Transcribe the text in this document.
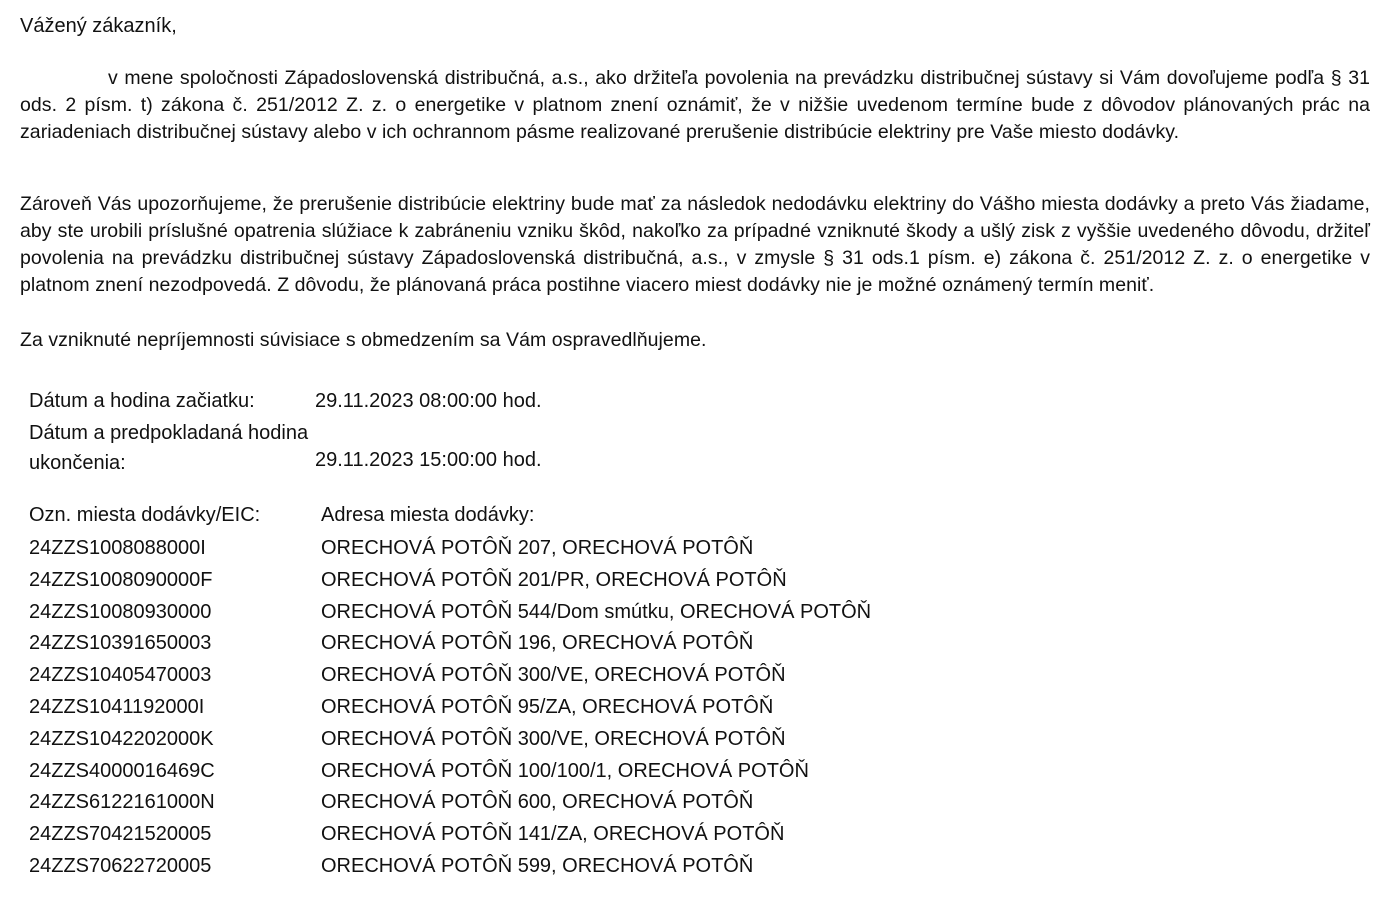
Vážený zákazník,

v mene spoločnosti Západoslovenská distribučná, a.s., ako držiteľa povolenia na prevádzku distribučnej sústavy si Vám dovoľujeme podľa § 31 ods. 2 písm. t) zákona č. 251/2012 Z. z. o energetike v platnom znení oznámiť, že v nižšie uvedenom termíne bude z dôvodov plánovaných prác na zariadeniach distribučnej sústavy alebo v ich ochrannom pásme realizované prerušenie distribúcie elektriny pre Vaše miesto dodávky.

Zároveň Vás upozorňujeme, že prerušenie distribúcie elektriny bude mať za následok nedodávku elektriny do Vášho miesta dodávky a preto Vás žiadame, aby ste urobili príslušné opatrenia slúžiace k zabráneniu vzniku škôd, nakoľko za prípadné vzniknuté škody a ušlý zisk z vyššie uvedeného dôvodu, držiteľ povolenia na prevádzku distribučnej sústavy Západoslovenská distribučná, a.s., v zmysle § 31 ods.1 písm. e) zákona č. 251/2012 Z. z. o energetike v platnom znení nezodpovedá. Z dôvodu, že plánovaná práca postihne viacero miest dodávky nie je možné oznámený termín meniť.

Za vzniknuté nepríjemnosti súvisiace s obmedzením sa Vám ospravedlňujeme.

Dátum a hodina začiatku:	29.11.2023 08:00:00 hod.

Dátum a predpokladaná hodina ukončenia:	29.11.2023 15:00:00 hod.

Ozn. miesta dodávky/EIC:	Adresa miesta dodávky:
24ZZS1008088000I	ORECHOVÁ POTÔŇ 207, ORECHOVÁ POTÔŇ
24ZZS1008090000F	ORECHOVÁ POTÔŇ 201/PR, ORECHOVÁ POTÔŇ
24ZZS10080930000	ORECHOVÁ POTÔŇ 544/Dom smútku, ORECHOVÁ POTÔŇ
24ZZS10391650003	ORECHOVÁ POTÔŇ 196, ORECHOVÁ POTÔŇ
24ZZS10405470003	ORECHOVÁ POTÔŇ 300/VE, ORECHOVÁ POTÔŇ
24ZZS1041192000I	ORECHOVÁ POTÔŇ 95/ZA, ORECHOVÁ POTÔŇ
24ZZS1042202000K	ORECHOVÁ POTÔŇ 300/VE, ORECHOVÁ POTÔŇ
24ZZS4000016469C	ORECHOVÁ POTÔŇ 100/100/1, ORECHOVÁ POTÔŇ
24ZZS6122161000N	ORECHOVÁ POTÔŇ 600, ORECHOVÁ POTÔŇ
24ZZS70421520005	ORECHOVÁ POTÔŇ 141/ZA, ORECHOVÁ POTÔŇ
24ZZS70622720005	ORECHOVÁ POTÔŇ 599, ORECHOVÁ POTÔŇ
